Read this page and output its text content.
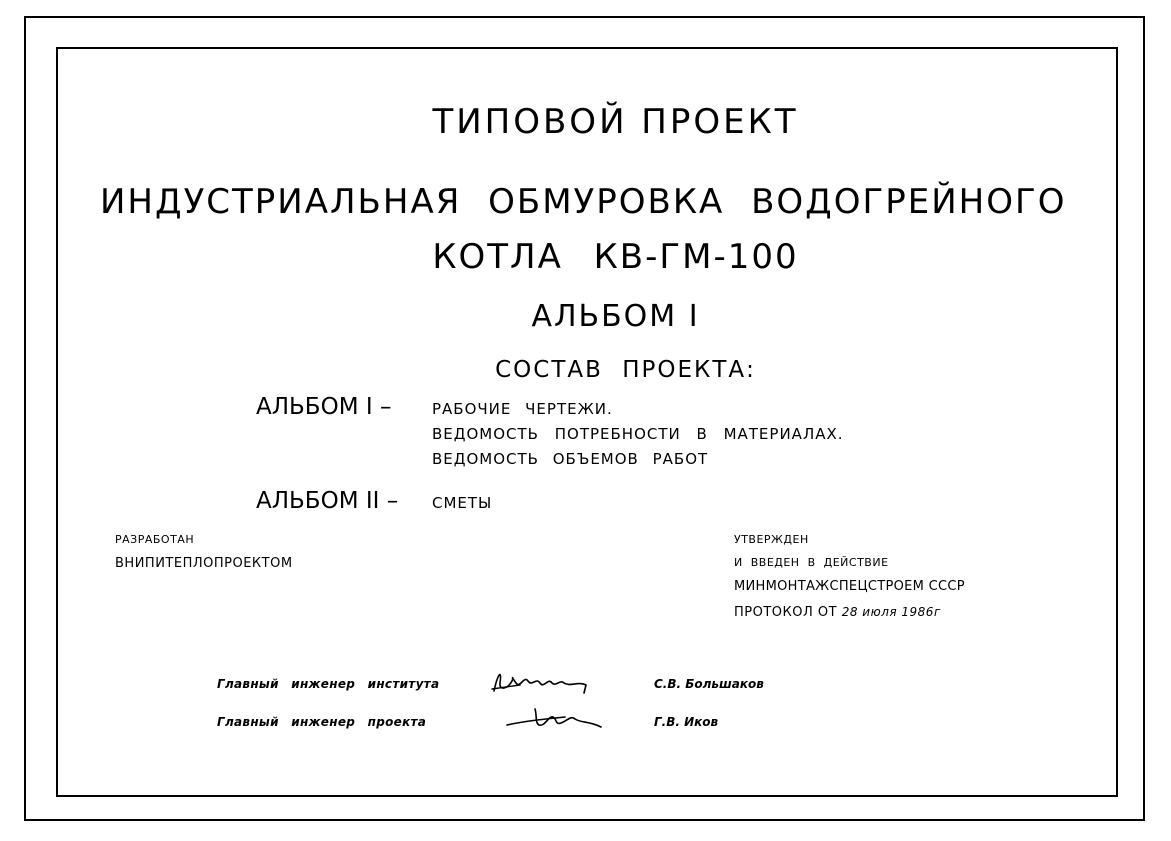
ТИПОВОЙ ПРОЕКТ
ИНДУСТРИАЛЬНАЯ ОБМУРОВКА ВОДОГРЕЙНОГО
КОТЛА КВ-ГМ-100
АЛЬБОМ I
СОСТАВ ПРОЕКТА:
АЛЬБОМ I –	РАБОЧИЕ ЧЕРТЕЖИ.
ВЕДОМОСТЬ ПОТРЕБНОСТИ В МАТЕРИАЛАХ.
ВЕДОМОСТЬ ОБЪЕМОВ РАБОТ
АЛЬБОМ II – СМЕТЫ
РАЗРАБОТАН
ВНИПИТЕПЛОПРОЕКТОМ
УТВЕРЖДЕН
И ВВЕДЕН В ДЕЙСТВИЕ
МИНМОНТАЖСПЕЦСТРОЕМ СССР
ПРОТОКОЛ ОТ 28 июля 1986г
Главный инженер института	С.В. Большаков
Главный инженер проекта	Г.В. Иков
